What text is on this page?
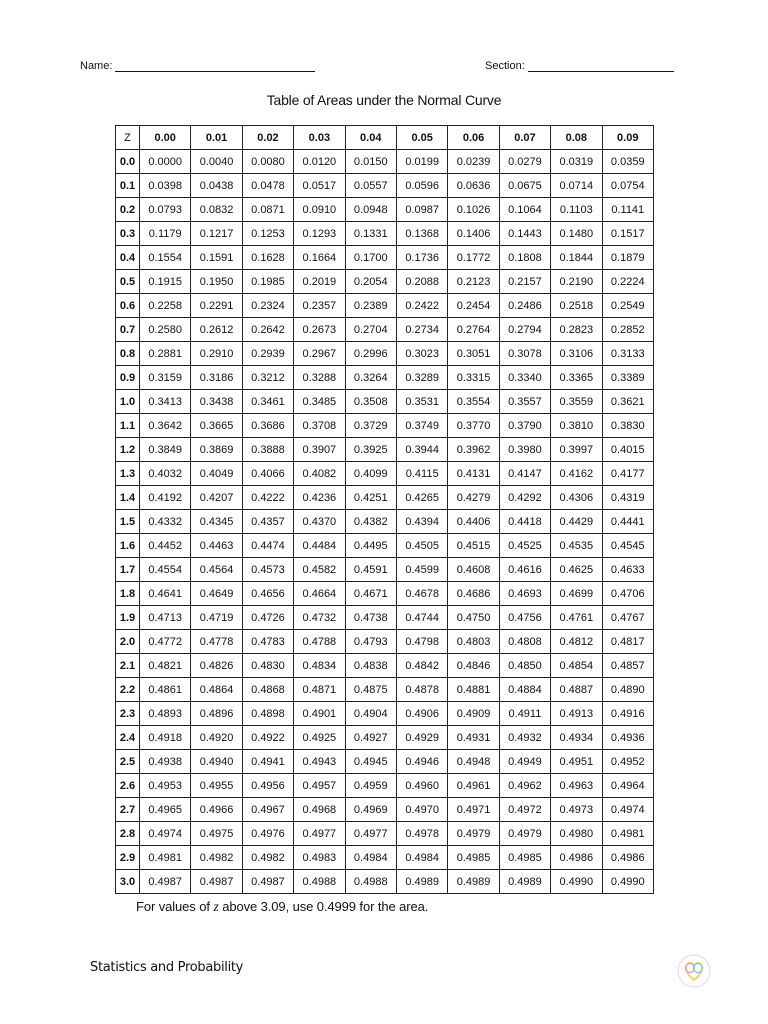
Name:	Section:
Table of Areas under the Normal Curve
Z	0.00	0.01	0.02	0.03	0.04	0.05	0.06	0.07	0.08	0.09
0.0	0.0000	0.0040	0.0080	0.0120	0.0150	0.0199	0.0239	0.0279	0.0319	0.0359
0.1	0.0398	0.0438	0.0478	0.0517	0.0557	0.0596	0.0636	0.0675	0.0714	0.0754
0.2	0.0793	0.0832	0.0871	0.0910	0.0948	0.0987	0.1026	0.1064	0.1103	0.1141
0.3	0.1179	0.1217	0.1253	0.1293	0.1331	0.1368	0.1406	0.1443	0.1480	0.1517
0.4	0.1554	0.1591	0.1628	0.1664	0.1700	0.1736	0.1772	0.1808	0.1844	0.1879
0.5	0.1915	0.1950	0.1985	0.2019	0.2054	0.2088	0.2123	0.2157	0.2190	0.2224
0.6	0.2258	0.2291	0.2324	0.2357	0.2389	0.2422	0.2454	0.2486	0.2518	0.2549
0.7	0.2580	0.2612	0.2642	0.2673	0.2704	0.2734	0.2764	0.2794	0.2823	0.2852
0.8	0.2881	0.2910	0.2939	0.2967	0.2996	0.3023	0.3051	0.3078	0.3106	0.3133
0.9	0.3159	0.3186	0.3212	0.3288	0.3264	0.3289	0.3315	0.3340	0.3365	0.3389
1.0	0.3413	0.3438	0.3461	0.3485	0.3508	0.3531	0.3554	0.3557	0.3559	0.3621
1.1	0.3642	0.3665	0.3686	0.3708	0.3729	0.3749	0.3770	0.3790	0.3810	0.3830
1.2	0.3849	0.3869	0.3888	0.3907	0.3925	0.3944	0.3962	0.3980	0.3997	0.4015
1.3	0.4032	0.4049	0.4066	0.4082	0.4099	0.4115	0.4131	0.4147	0.4162	0.4177
1.4	0.4192	0.4207	0.4222	0.4236	0.4251	0.4265	0.4279	0.4292	0.4306	0.4319
1.5	0.4332	0.4345	0.4357	0.4370	0.4382	0.4394	0.4406	0.4418	0.4429	0.4441
1.6	0.4452	0.4463	0.4474	0.4484	0.4495	0.4505	0.4515	0.4525	0.4535	0.4545
1.7	0.4554	0.4564	0.4573	0.4582	0.4591	0.4599	0.4608	0.4616	0.4625	0.4633
1.8	0.4641	0.4649	0.4656	0.4664	0.4671	0.4678	0.4686	0.4693	0.4699	0.4706
1.9	0.4713	0.4719	0.4726	0.4732	0.4738	0.4744	0.4750	0.4756	0.4761	0.4767
2.0	0.4772	0.4778	0.4783	0.4788	0.4793	0.4798	0.4803	0.4808	0.4812	0.4817
2.1	0.4821	0.4826	0.4830	0.4834	0.4838	0.4842	0.4846	0.4850	0.4854	0.4857
2.2	0.4861	0.4864	0.4868	0.4871	0.4875	0.4878	0.4881	0.4884	0.4887	0.4890
2.3	0.4893	0.4896	0.4898	0.4901	0.4904	0.4906	0.4909	0.4911	0.4913	0.4916
2.4	0.4918	0.4920	0.4922	0.4925	0.4927	0.4929	0.4931	0.4932	0.4934	0.4936
2.5	0.4938	0.4940	0.4941	0.4943	0.4945	0.4946	0.4948	0.4949	0.4951	0.4952
2.6	0.4953	0.4955	0.4956	0.4957	0.4959	0.4960	0.4961	0.4962	0.4963	0.4964
2.7	0.4965	0.4966	0.4967	0.4968	0.4969	0.4970	0.4971	0.4972	0.4973	0.4974
2.8	0.4974	0.4975	0.4976	0.4977	0.4977	0.4978	0.4979	0.4979	0.4980	0.4981
2.9	0.4981	0.4982	0.4982	0.4983	0.4984	0.4984	0.4985	0.4985	0.4986	0.4986
3.0	0.4987	0.4987	0.4987	0.4988	0.4988	0.4989	0.4989	0.4989	0.4990	0.4990
For values of z above 3.09, use 0.4999 for the area.
Statistics and Probability
